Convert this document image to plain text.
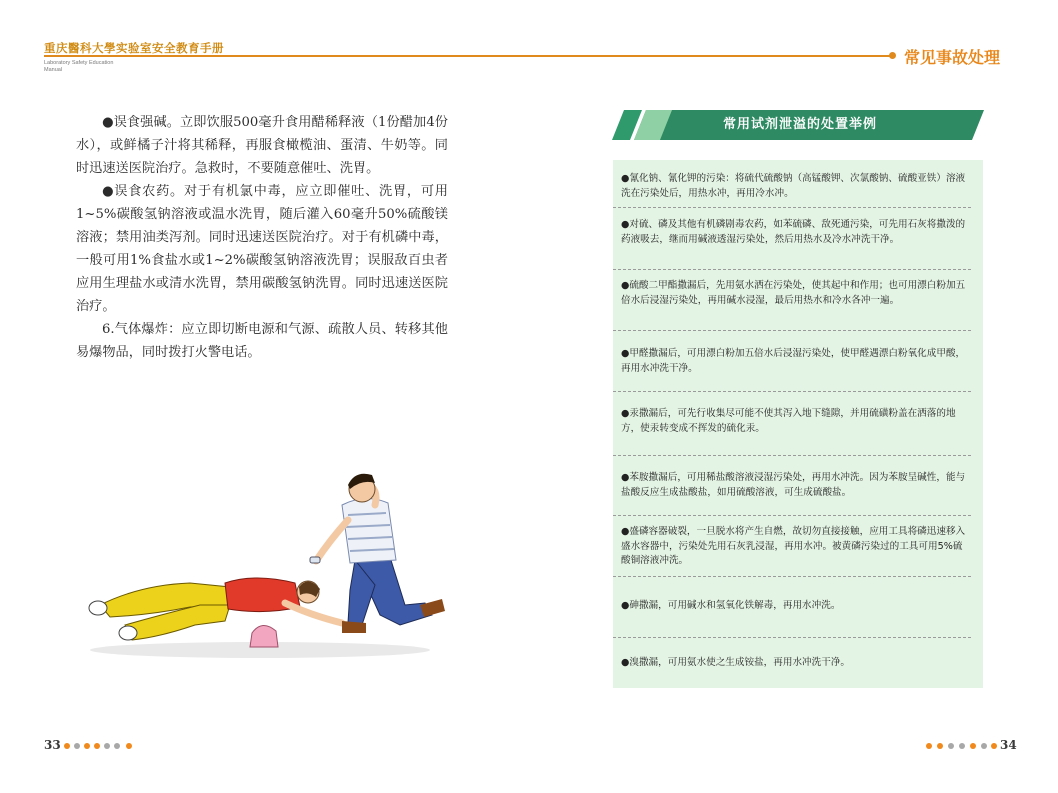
重庆醫科大學实验室安全教育手册
Laboratory Safety Education
Manual
常见事故处理

●误食强碱。立即饮服500毫升食用醋稀释液（1份醋加4份水），或鲜橘子汁将其稀释，再服食橄榄油、蛋清、牛奶等。同时迅速送医院治疗。急救时，不要随意催吐、洗胃。

●误食农药。对于有机氯中毒，应立即催吐、洗胃，可用1~5%碳酸氢钠溶液或温水洗胃，随后灌入60毫升50%硫酸镁溶液；禁用油类泻剂。同时迅速送医院治疗。对于有机磷中毒，一般可用1%食盐水或1~2%碳酸氢钠溶液洗胃；误服敌百虫者应用生理盐水或清水洗胃，禁用碳酸氢钠洗胃。同时迅速送医院治疗。

6.气体爆炸：应立即切断电源和气源、疏散人员、转移其他易爆物品，同时拨打火警电话。

常用试剂泄溢的处置举例
●氰化钠、氰化钾的污染：将硫代硫酸钠（高锰酸钾、次氯酸钠、硫酸亚铁）溶液洗在污染处后，用热水冲，再用冷水冲。
●对硫、磷及其他有机磷剧毒农药，如苯硫磷、敌死通污染，可先用石灰将撒泼的药液吸去，继而用碱液透湿污染处，然后用热水及冷水冲洗干净。
●硫酸二甲酯撒漏后，先用氨水洒在污染处，使其起中和作用；也可用漂白粉加五倍水后浸湿污染处，再用碱水浸湿，最后用热水和冷水各冲一遍。
●甲醛撒漏后，可用漂白粉加五倍水后浸湿污染处，使甲醛遇漂白粉氧化成甲酸，再用水冲洗干净。
●汞撒漏后，可先行收集尽可能不使其泻入地下缝隙，并用硫磺粉盖在洒落的地方，使汞转变成不挥发的硫化汞。
●苯胺撒漏后，可用稀盐酸溶液浸湿污染处，再用水冲洗。因为苯胺呈碱性，能与盐酸反应生成盐酸盐，如用硫酸溶液，可生成硫酸盐。
●盛磷容器破裂，一旦脱水将产生自燃，故切勿直接接触，应用工具将磷迅速移入盛水容器中，污染处先用石灰乳浸湿，再用水冲。被黄磷污染过的工具可用5%硫酸铜溶液冲洗。
●砷撒漏，可用碱水和氢氧化铁解毒，再用水冲洗。
●溴撒漏，可用氨水使之生成铵盐，再用水冲洗干净。
33	34
